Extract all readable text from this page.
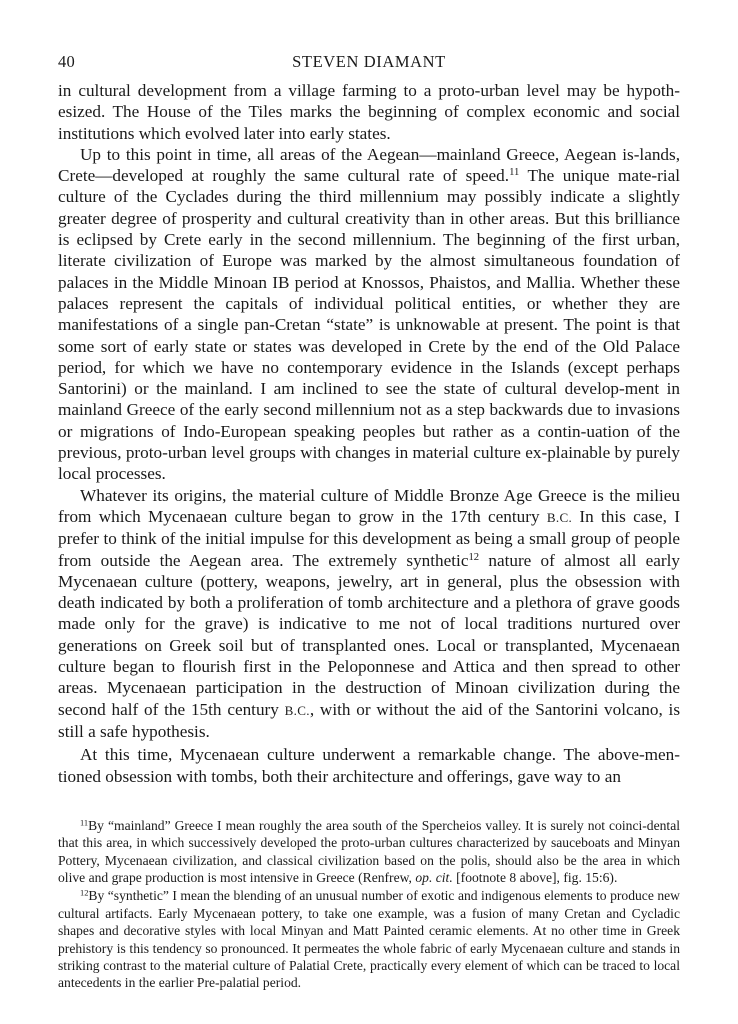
40	STEVEN DIAMANT

in cultural development from a village farming to a proto-urban level may be hypoth-esized. The House of the Tiles marks the beginning of complex economic and social institutions which evolved later into early states.

Up to this point in time, all areas of the Aegean—mainland Greece, Aegean is-lands, Crete—developed at roughly the same cultural rate of speed.$^{11}$ The unique mate-rial culture of the Cyclades during the third millennium may possibly indicate a slightly greater degree of prosperity and cultural creativity than in other areas. But this brilliance is eclipsed by Crete early in the second millennium. The beginning of the first urban, literate civilization of Europe was marked by the almost simultaneous foundation of palaces in the Middle Minoan IB period at Knossos, Phaistos, and Mallia. Whether these palaces represent the capitals of individual political entities, or whether they are manifestations of a single pan-Cretan “state” is unknowable at present. The point is that some sort of early state or states was developed in Crete by the end of the Old Palace period, for which we have no contemporary evidence in the Islands (except perhaps Santorini) or the mainland. I am inclined to see the state of cultural develop-ment in mainland Greece of the early second millennium not as a step backwards due to invasions or migrations of Indo-European speaking peoples but rather as a contin-uation of the previous, proto-urban level groups with changes in material culture ex-plainable by purely local processes.

Whatever its origins, the material culture of Middle Bronze Age Greece is the milieu from which Mycenaean culture began to grow in the 17th century B.C. In this case, I prefer to think of the initial impulse for this development as being a small group of people from outside the Aegean area. The extremely synthetic$^{12}$ nature of almost all early Mycenaean culture (pottery, weapons, jewelry, art in general, plus the obsession with death indicated by both a proliferation of tomb architecture and a plethora of grave goods made only for the grave) is indicative to me not of local traditions nurtured over generations on Greek soil but of transplanted ones. Local or transplanted, Mycenaean culture began to flourish first in the Peloponnese and Attica and then spread to other areas. Mycenaean participation in the destruction of Minoan civilization during the second half of the 15th century B.C., with or without the aid of the Santorini volcano, is still a safe hypothesis.

At this time, Mycenaean culture underwent a remarkable change. The above-men-tioned obsession with tombs, both their architecture and offerings, gave way to an

$^{11}$By “mainland” Greece I mean roughly the area south of the Spercheios valley. It is surely not coinci-dental that this area, in which successively developed the proto-urban cultures characterized by sauceboats and Minyan Pottery, Mycenaean civilization, and classical civilization based on the polis, should also be the area in which olive and grape production is most intensive in Greece (Renfrew, op. cit. [footnote 8 above], fig. 15:6).

$^{12}$By “synthetic” I mean the blending of an unusual number of exotic and indigenous elements to produce new cultural artifacts. Early Mycenaean pottery, to take one example, was a fusion of many Cretan and Cycladic shapes and decorative styles with local Minyan and Matt Painted ceramic elements. At no other time in Greek prehistory is this tendency so pronounced. It permeates the whole fabric of early Mycenaean culture and stands in striking contrast to the material culture of Palatial Crete, practically every element of which can be traced to local antecedents in the earlier Pre-palatial period.
